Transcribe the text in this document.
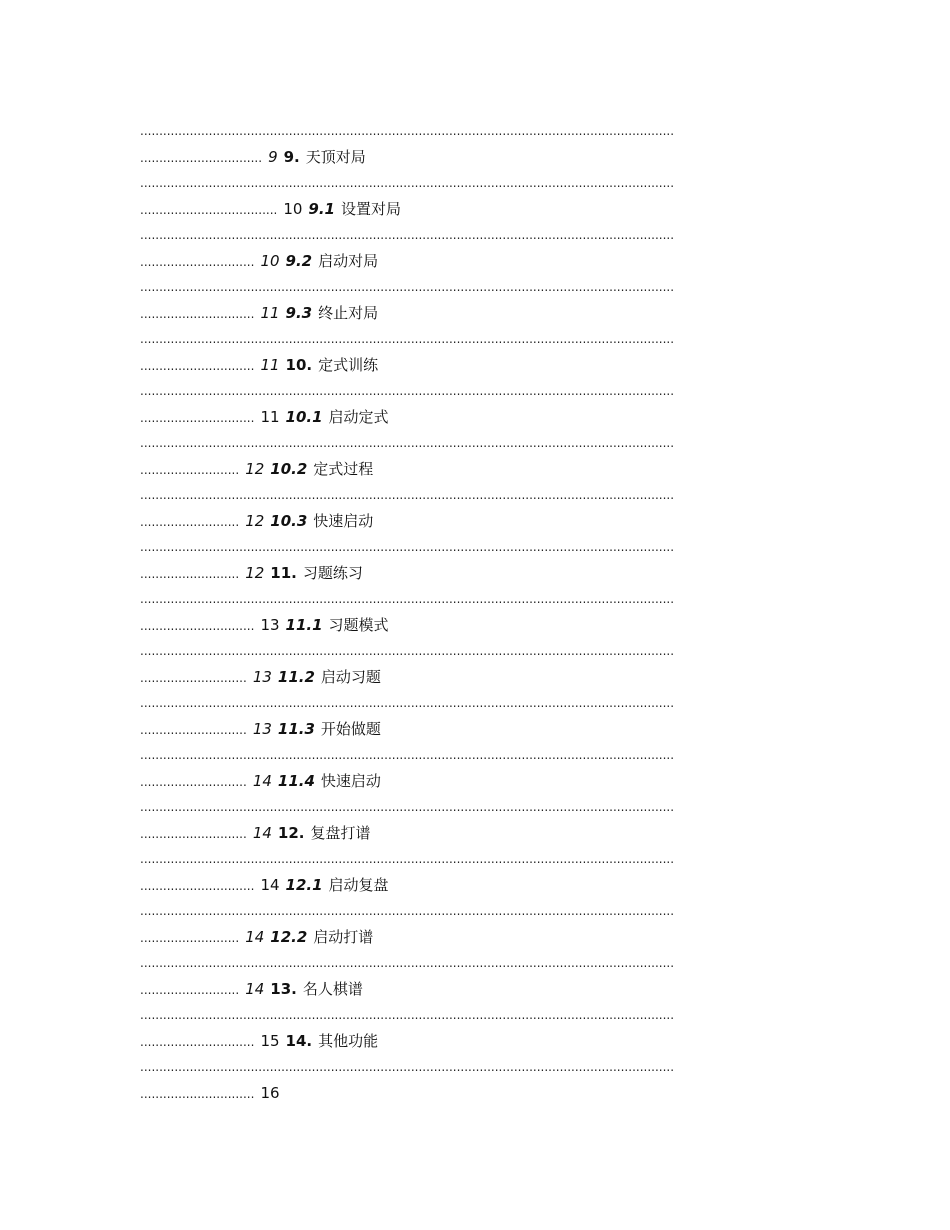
............................................................................................................................................
................................ 9 9. 天顶对局
............................................................................................................................................
.................................... 10 9.1 设置对局
............................................................................................................................................
.............................. 10 9.2 启动对局
............................................................................................................................................
.............................. 11 9.3 终止对局
............................................................................................................................................
.............................. 11 10. 定式训练
............................................................................................................................................
.............................. 11 10.1 启动定式
............................................................................................................................................
.......................... 12 10.2 定式过程
............................................................................................................................................
.......................... 12 10.3 快速启动
............................................................................................................................................
.......................... 12 11. 习题练习
............................................................................................................................................
.............................. 13 11.1 习题模式
............................................................................................................................................
............................ 13 11.2 启动习题
............................................................................................................................................
............................ 13 11.3 开始做题
............................................................................................................................................
............................ 14 11.4 快速启动
............................................................................................................................................
............................ 14 12. 复盘打谱
............................................................................................................................................
.............................. 14 12.1 启动复盘
............................................................................................................................................
.......................... 14 12.2 启动打谱
............................................................................................................................................
.......................... 14 13. 名人棋谱
............................................................................................................................................
.............................. 15 14. 其他功能
............................................................................................................................................
.............................. 16
